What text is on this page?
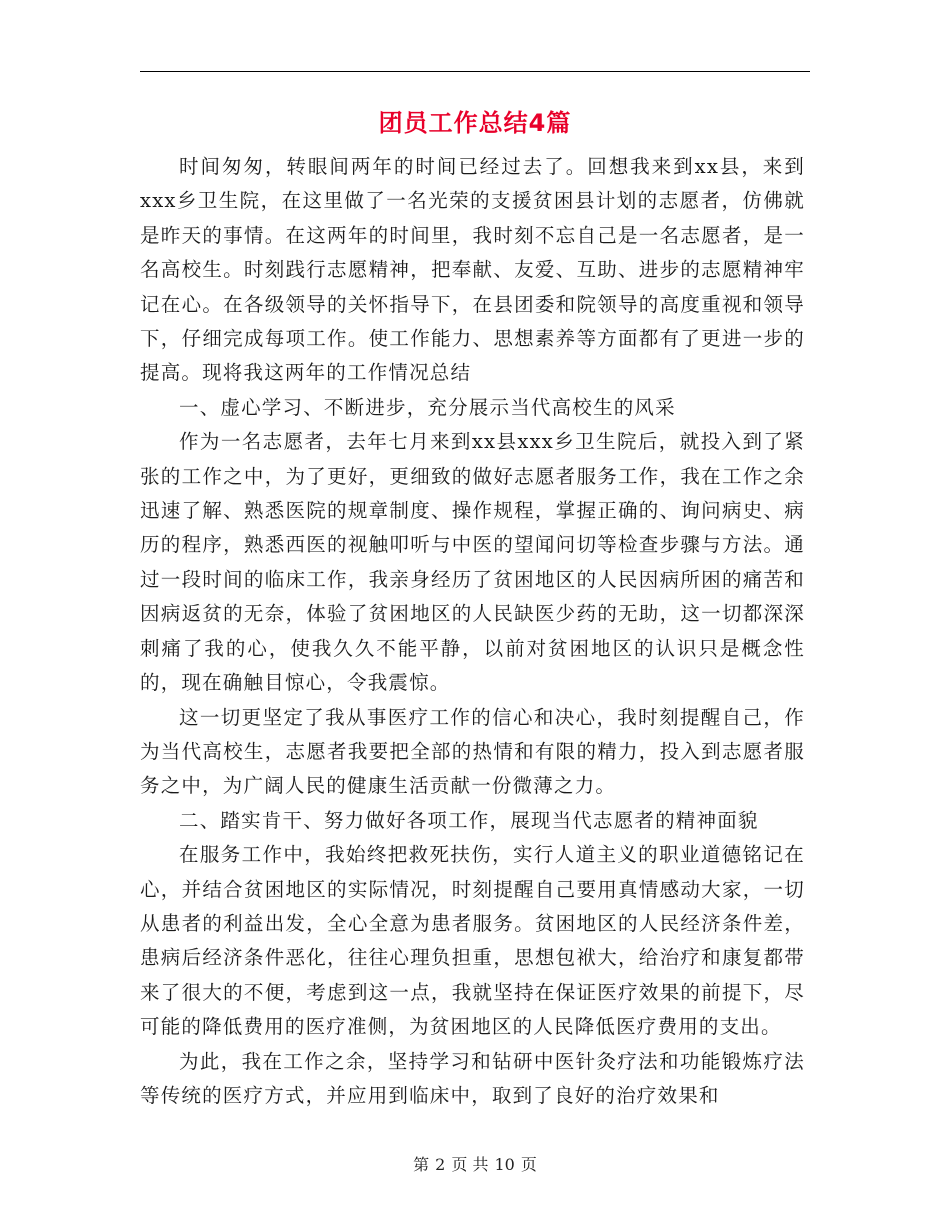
团员工作总结4篇

时间匆匆，转眼间两年的时间已经过去了。回想我来到xx县，来到xxx乡卫生院，在这里做了一名光荣的支援贫困县计划的志愿者，仿佛就是昨天的事情。在这两年的时间里，我时刻不忘自己是一名志愿者，是一名高校生。时刻践行志愿精神，把奉献、友爱、互助、进步的志愿精神牢记在心。在各级领导的关怀指导下，在县团委和院领导的高度重视和领导下，仔细完成每项工作。使工作能力、思想素养等方面都有了更进一步的提高。现将我这两年的工作情况总结

一、虚心学习、不断进步，充分展示当代高校生的风采

作为一名志愿者，去年七月来到xx县xxx乡卫生院后，就投入到了紧张的工作之中，为了更好，更细致的做好志愿者服务工作，我在工作之余迅速了解、熟悉医院的规章制度、操作规程，掌握正确的、询问病史、病历的程序，熟悉西医的视触叩听与中医的望闻问切等检查步骤与方法。通过一段时间的临床工作，我亲身经历了贫困地区的人民因病所困的痛苦和因病返贫的无奈，体验了贫困地区的人民缺医少药的无助，这一切都深深刺痛了我的心，使我久久不能平静，以前对贫困地区的认识只是概念性的，现在确触目惊心，令我震惊。

这一切更坚定了我从事医疗工作的信心和决心，我时刻提醒自己，作为当代高校生，志愿者我要把全部的热情和有限的精力，投入到志愿者服务之中，为广阔人民的健康生活贡献一份微薄之力。

二、踏实肯干、努力做好各项工作，展现当代志愿者的精神面貌

在服务工作中，我始终把救死扶伤，实行人道主义的职业道德铭记在心，并结合贫困地区的实际情况，时刻提醒自己要用真情感动大家，一切从患者的利益出发，全心全意为患者服务。贫困地区的人民经济条件差，患病后经济条件恶化，往往心理负担重，思想包袱大，给治疗和康复都带来了很大的不便，考虑到这一点，我就坚持在保证医疗效果的前提下，尽可能的降低费用的医疗准侧，为贫困地区的人民降低医疗费用的支出。

为此，我在工作之余，坚持学习和钻研中医针灸疗法和功能锻炼疗法等传统的医疗方式，并应用到临床中，取到了良好的治疗效果和

第 2 页 共 10 页
